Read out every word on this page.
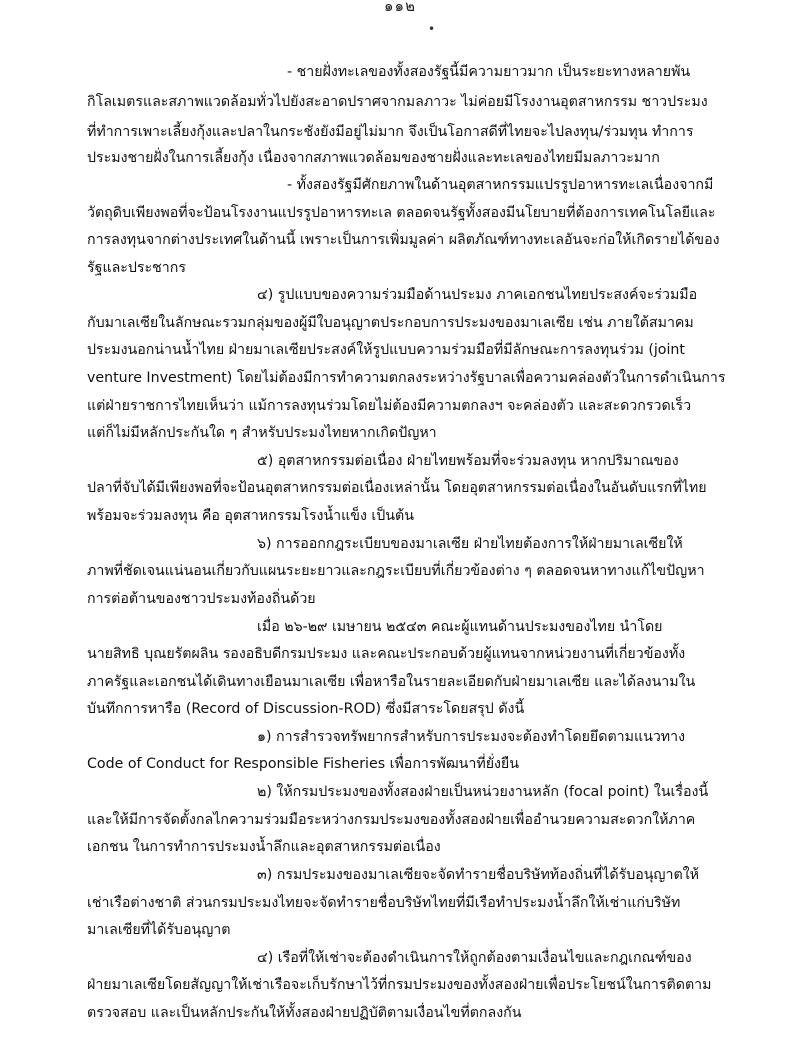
๑๑๒
•
- ชายฝั่งทะเลของทั้งสองรัฐนี้มีความยาวมาก เป็นระยะทางหลายพัน
กิโลเมตรและสภาพแวดล้อมทั่วไปยังสะอาดปราศจากมลภาวะ ไม่ค่อยมีโรงงานอุตสาหกรรม ชาวประมง
ที่ทำการเพาะเลี้ยงกุ้งและปลาในกระชังยังมีอยู่ไม่มาก จึงเป็นโอกาสดีที่ไทยจะไปลงทุน/ร่วมทุน ทำการ
ประมงชายฝั่งในการเลี้ยงกุ้ง เนื่องจากสภาพแวดล้อมของชายฝั่งและทะเลของไทยมีมลภาวะมาก
- ทั้งสองรัฐมีศักยภาพในด้านอุตสาหกรรมแปรรูปอาหารทะเลเนื่องจากมี
วัตถุดิบเพียงพอที่จะป้อนโรงงานแปรรูปอาหารทะเล ตลอดจนรัฐทั้งสองมีนโยบายที่ต้องการเทคโนโลยีและ
การลงทุนจากต่างประเทศในด้านนี้ เพราะเป็นการเพิ่มมูลค่า ผลิตภัณฑ์ทางทะเลอันจะก่อให้เกิดรายได้ของ
รัฐและประชากร
๔) รูปแบบของความร่วมมือด้านประมง ภาคเอกชนไทยประสงค์จะร่วมมือ
กับมาเลเซียในลักษณะรวมกลุ่มของผู้มีใบอนุญาตประกอบการประมงของมาเลเซีย เช่น ภายใต้สมาคม
ประมงนอกน่านน้ำไทย ฝ่ายมาเลเซียประสงค์ให้รูปแบบความร่วมมือที่มีลักษณะการลงทุนร่วม (joint
venture Investment) โดยไม่ต้องมีการทำความตกลงระหว่างรัฐบาลเพื่อความคล่องตัวในการดำเนินการ
แต่ฝ่ายราชการไทยเห็นว่า แม้การลงทุนร่วมโดยไม่ต้องมีความตกลงฯ จะคล่องตัว และสะดวกรวดเร็ว
แต่ก็ไม่มีหลักประกันใด ๆ สำหรับประมงไทยหากเกิดปัญหา
๕) อุตสาหกรรมต่อเนื่อง ฝ่ายไทยพร้อมที่จะร่วมลงทุน หากปริมาณของ
ปลาที่จับได้มีเพียงพอที่จะป้อนอุตสาหกรรมต่อเนื่องเหล่านั้น โดยอุตสาหกรรมต่อเนื่องในอันดับแรกที่ไทย
พร้อมจะร่วมลงทุน คือ อุตสาหกรรมโรงน้ำแข็ง เป็นต้น
๖) การออกกฎระเบียบของมาเลเซีย ฝ่ายไทยต้องการให้ฝ่ายมาเลเซียให้
ภาพที่ชัดเจนแน่นอนเกี่ยวกับแผนระยะยาวและกฎระเบียบที่เกี่ยวข้องต่าง ๆ ตลอดจนหาทางแก้ไขปัญหา
การต่อต้านของชาวประมงท้องถิ่นด้วย
เมื่อ ๒๖-๒๙ เมษายน ๒๕๔๓ คณะผู้แทนด้านประมงของไทย นำโดย
นายสิทธิ บุณยรัตผลิน รองอธิบดีกรมประมง และคณะประกอบด้วยผู้แทนจากหน่วยงานที่เกี่ยวข้องทั้ง
ภาครัฐและเอกชนได้เดินทางเยือนมาเลเซีย เพื่อหารือในรายละเอียดกับฝ่ายมาเลเซีย และได้ลงนามใน
บันทึกการหารือ (Record of Discussion-ROD) ซึ่งมีสาระโดยสรุป ดังนี้
๑) การสำรวจทรัพยากรสำหรับการประมงจะต้องทำโดยยึดตามแนวทาง
Code of Conduct for Responsible Fisheries เพื่อการพัฒนาที่ยั่งยืน
๒) ให้กรมประมงของทั้งสองฝ่ายเป็นหน่วยงานหลัก (focal point) ในเรื่องนี้
และให้มีการจัดตั้งกลไกความร่วมมือระหว่างกรมประมงของทั้งสองฝ่ายเพื่ออำนวยความสะดวกให้ภาค
เอกชน ในการทำการประมงน้ำลึกและอุตสาหกรรมต่อเนื่อง
๓) กรมประมงของมาเลเซียจะจัดทำรายชื่อบริษัทท้องถิ่นที่ได้รับอนุญาตให้
เช่าเรือต่างชาติ ส่วนกรมประมงไทยจะจัดทำรายชื่อบริษัทไทยที่มีเรือทำประมงน้ำลึกให้เช่าแก่บริษัท
มาเลเซียที่ได้รับอนุญาต
๔) เรือที่ให้เช่าจะต้องดำเนินการให้ถูกต้องตามเงื่อนไขและกฎเกณฑ์ของ
ฝ่ายมาเลเซียโดยสัญญาให้เช่าเรือจะเก็บรักษาไว้ที่กรมประมงของทั้งสองฝ่ายเพื่อประโยชน์ในการติดตาม
ตรวจสอบ และเป็นหลักประกันให้ทั้งสองฝ่ายปฏิบัติตามเงื่อนไขที่ตกลงกัน
